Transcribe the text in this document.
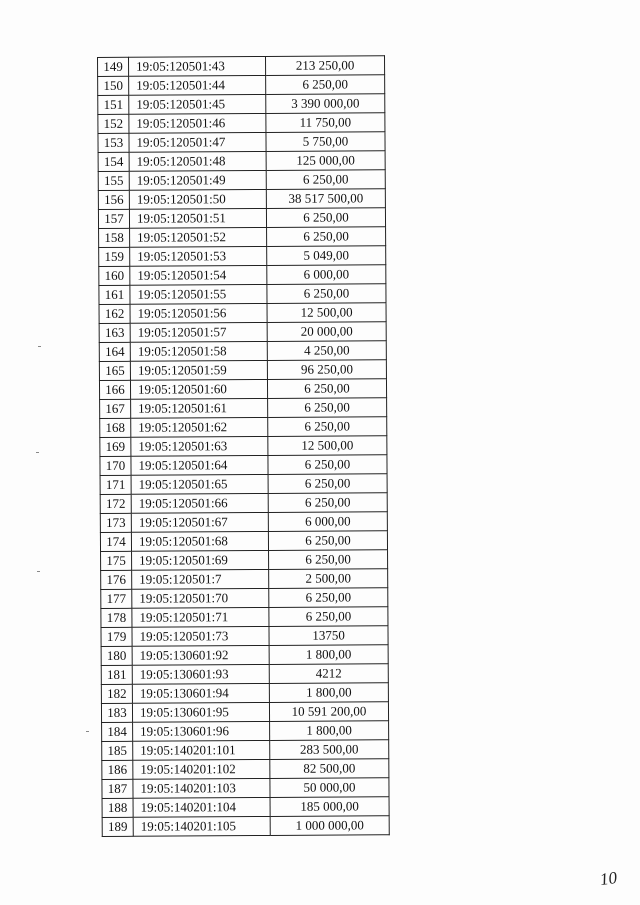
149	19:05:120501:43	213 250,00
150	19:05:120501:44	6 250,00
151	19:05:120501:45	3 390 000,00
152	19:05:120501:46	11 750,00
153	19:05:120501:47	5 750,00
154	19:05:120501:48	125 000,00
155	19:05:120501:49	6 250,00
156	19:05:120501:50	38 517 500,00
157	19:05:120501:51	6 250,00
158	19:05:120501:52	6 250,00
159	19:05:120501:53	5 049,00
160	19:05:120501:54	6 000,00
161	19:05:120501:55	6 250,00
162	19:05:120501:56	12 500,00
163	19:05:120501:57	20 000,00
164	19:05:120501:58	4 250,00
165	19:05:120501:59	96 250,00
166	19:05:120501:60	6 250,00
167	19:05:120501:61	6 250,00
168	19:05:120501:62	6 250,00
169	19:05:120501:63	12 500,00
170	19:05:120501:64	6 250,00
171	19:05:120501:65	6 250,00
172	19:05:120501:66	6 250,00
173	19:05:120501:67	6 000,00
174	19:05:120501:68	6 250,00
175	19:05:120501:69	6 250,00
176	19:05:120501:7	2 500,00
177	19:05:120501:70	6 250,00
178	19:05:120501:71	6 250,00
179	19:05:120501:73	13750
180	19:05:130601:92	1 800,00
181	19:05:130601:93	4212
182	19:05:130601:94	1 800,00
183	19:05:130601:95	10 591 200,00
184	19:05:130601:96	1 800,00
185	19:05:140201:101	283 500,00
186	19:05:140201:102	82 500,00
187	19:05:140201:103	50 000,00
188	19:05:140201:104	185 000,00
189	19:05:140201:105	1 000 000,00
10
